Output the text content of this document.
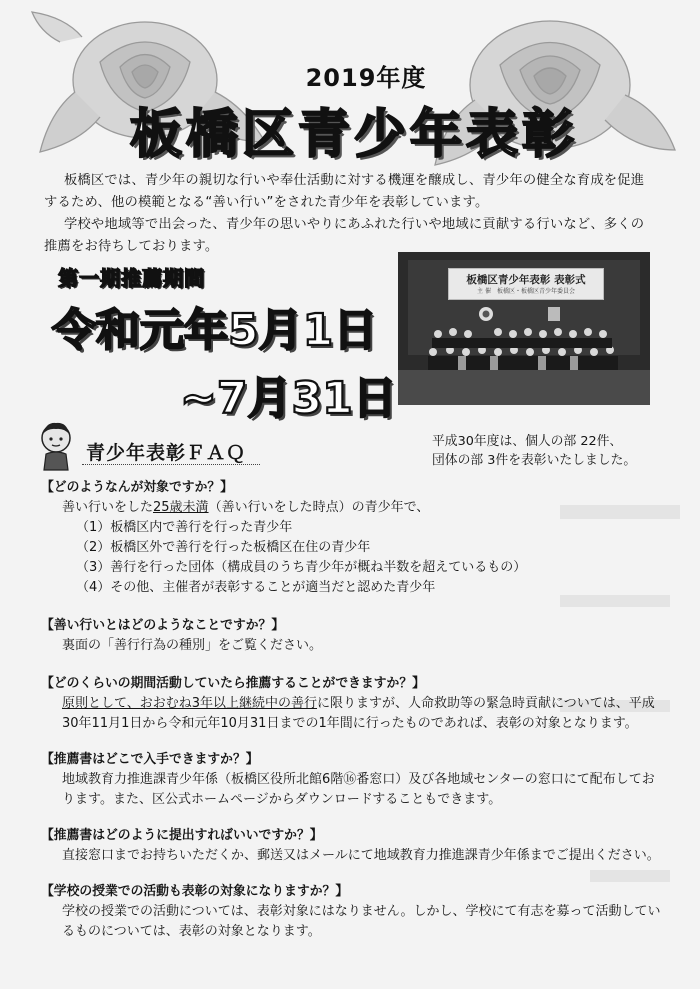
2019年度
板橋区青少年表彰

板橋区では、青少年の親切な行いや奉仕活動に対する機運を醸成し、青少年の健全な育成を促進するため、他の模範となる“善い行い”をされた青少年を表彰しています。

学校や地域等で出会った、青少年の思いやりにあふれた行いや地域に貢献する行いなど、多くの推薦をお待ちしております。

第一期推薦期間
令和元年5月1日
~7月31日
板橋区青少年表彰 表彰式
主 催　板橋区・板橋区青少年委員会
平成30年度は、個人の部 22件、
団体の部 3件を表彰いたしました。
青少年表彰ＦＡＱ
【どのようなんが対象ですか？】

善い行いをした25歳未満（善い行いをした時点）の青少年で、

（1）板橋区内で善行を行った青少年

（2）板橋区外で善行を行った板橋区在住の青少年

（3）善行を行った団体（構成員のうち青少年が概ね半数を超えているもの）

（4）その他、主催者が表彰することが適当だと認めた青少年

【善い行いとはどのようなことですか？】

裏面の「善行行為の種別」をご覧ください。

【どのくらいの期間活動していたら推薦することができますか？】

原則として、おおむね3年以上継続中の善行に限りますが、人命救助等の緊急時貢献については、平成30年11月1日から令和元年10月31日までの1年間に行ったものであれば、表彰の対象となります。

【推薦書はどこで入手できますか？】

地域教育力推進課青少年係（板橋区役所北館6階⑯番窓口）及び各地域センターの窓口にて配布しております。また、区公式ホームページからダウンロードすることもできます。

【推薦書はどのように提出すればいいですか？】

直接窓口までお持ちいただくか、郵送又はメールにて地域教育力推進課青少年係までご提出ください。

【学校の授業での活動も表彰の対象になりますか？】

学校の授業での活動については、表彰対象にはなりません。しかし、学校にて有志を募って活動しているものについては、表彰の対象となります。
